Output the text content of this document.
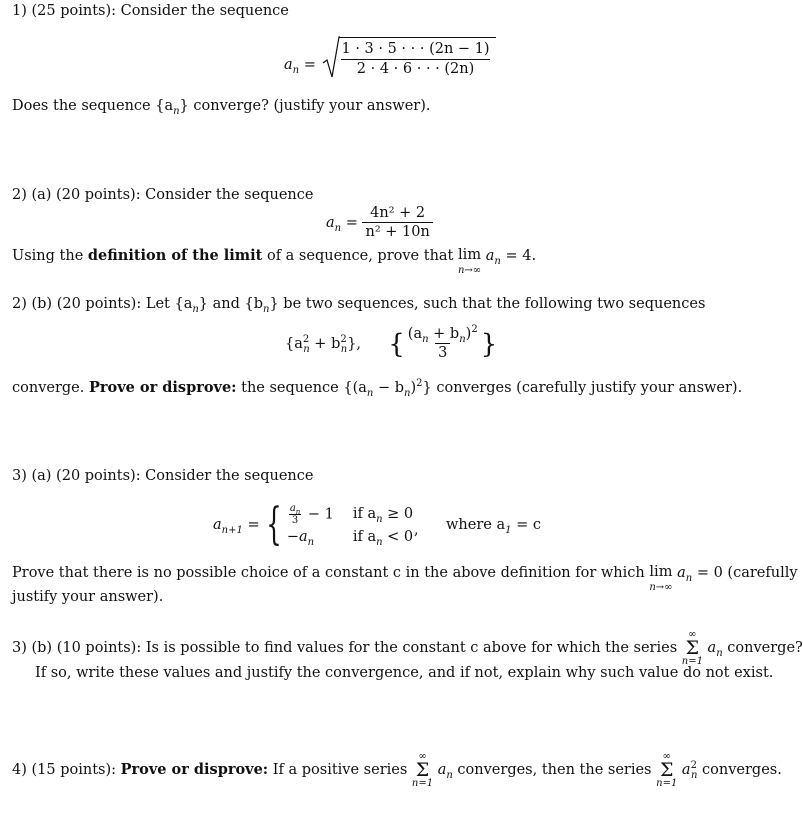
1) (25 points): Consider the sequence
$a_n = \frac{1 \cdot 3 \cdot 5 \cdot \cdot \cdot (2n - 1)}{2 \cdot 4 \cdot 6 \cdot \cdot \cdot (2n)}$
Does the sequence $\{a_n\}$ converge? (justify your answer).
2) (a) (20 points): Consider the sequence
$a_n = \frac{\text{4n² + 2}}{\text{n² + 10n}}$
Using the definition of the limit of a sequence, prove that lim
n→∞
$a_n = 4$.
2) (b) (20 points): Let $\{a_n\}$ and $\{b_n\}$ be two sequences, such that the following two sequences
$\{a^2_n + b^2_n\}$, { $\frac{(a_n + b_n)^2}{3}$ }
converge. Prove or disprove: the sequence $\{(a_n - b_n)^2\}$ converges (carefully justify your answer).
3) (a) (20 points): Consider the sequence
$a_{n+1}$ = { $\frac{a_n}{3} - 1$	if $a_n \ge 0$
$-a_n$	if $a_n < 0$ , where $a_1 = c$
Prove that there is no possible choice of a constant c in the above definition for which lim
n→∞
$a_n = 0$ (carefully
justify your answer).
3) (b) (10 points): Is is possible to find values for the constant c above for which the series
∞
Σ
n=1
$a_n$ converge?
If so, write these values and justify the convergence, and if not, explain why such value do not exist.
4) (15 points): Prove or disprove: If a positive series
∞
Σ
n=1
$a_n$ converges, then the series
∞
Σ
n=1
$a^2_n$ converges.
